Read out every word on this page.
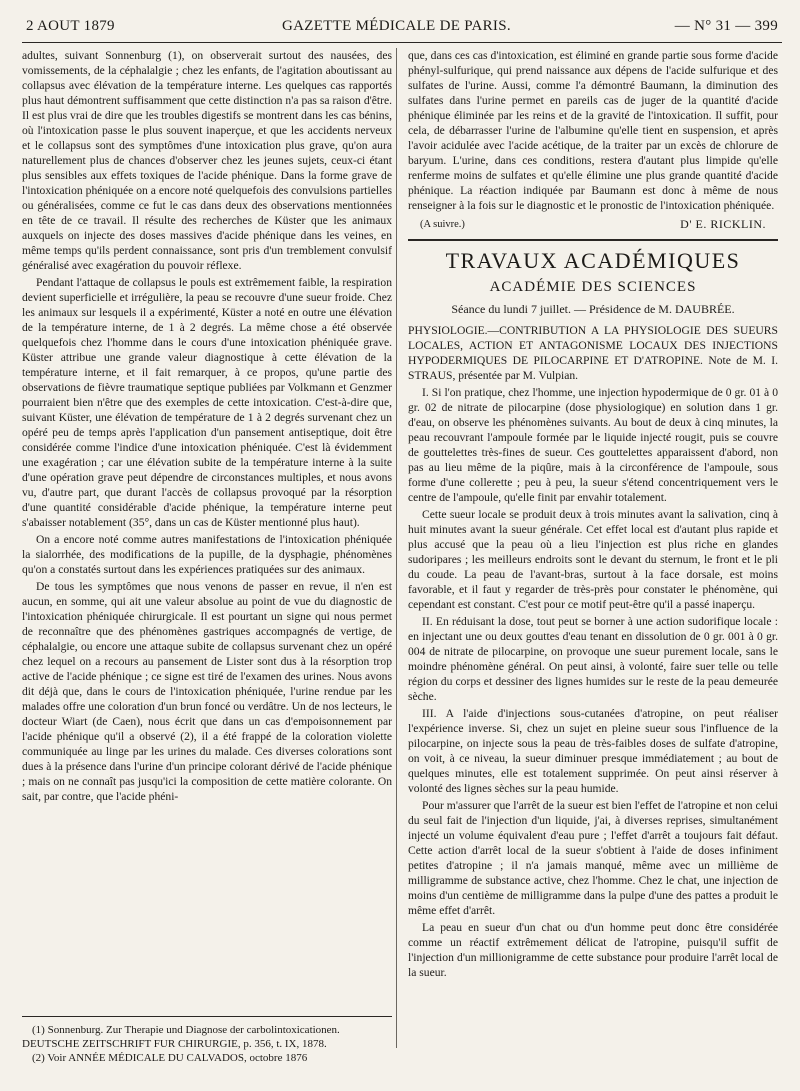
2 AOUT 1879	GAZETTE MÉDICALE DE PARIS.	— N° 31 — 399

adultes, suivant Sonnenburg (1), on observerait surtout des nausées, des vomissements, de la céphalalgie ; chez les enfants, de l'agitation aboutissant au collapsus avec élévation de la température interne. Les quelques cas rapportés plus haut démontrent suffisamment que cette distinction n'a pas sa raison d'être. Il est plus vrai de dire que les troubles digestifs se montrent dans les cas bénins, où l'intoxication passe le plus souvent inaperçue, et que les accidents nerveux et le collapsus sont des symptômes d'une intoxication plus grave, qu'on aura naturellement plus de chances d'observer chez les jeunes sujets, ceux-ci étant plus sensibles aux effets toxiques de l'acide phénique. Dans la forme grave de l'intoxication phéniquée on a encore noté quelquefois des convulsions partielles ou généralisées, comme ce fut le cas dans deux des observations mentionnées en tête de ce travail. Il résulte des recherches de Küster que les animaux auxquels on injecte des doses massives d'acide phénique dans les veines, en même temps qu'ils perdent connaissance, sont pris d'un tremblement convulsif généralisé avec exagération du pouvoir réflexe.

Pendant l'attaque de collapsus le pouls est extrêmement faible, la respiration devient superficielle et irrégulière, la peau se recouvre d'une sueur froide. Chez les animaux sur lesquels il a expérimenté, Küster a noté en outre une élévation de la température interne, de 1 à 2 degrés. La même chose a été observée quelquefois chez l'homme dans le cours d'une intoxication phéniquée grave. Küster attribue une grande valeur diagnostique à cette élévation de la température interne, et il fait remarquer, à ce propos, qu'une partie des observations de fièvre traumatique septique publiées par Volkmann et Genzmer pourraient bien n'être que des exemples de cette intoxication. C'est-à-dire que, suivant Küster, une élévation de température de 1 à 2 degrés survenant chez un opéré peu de temps après l'application d'un pansement antiseptique, doit être considérée comme l'indice d'une intoxication phéniquée. C'est là évidemment une exagération ; car une élévation subite de la température interne à la suite d'une opération grave peut dépendre de circonstances multiples, et nous avons vu, d'autre part, que durant l'accès de collapsus provoqué par la résorption d'une quantité considérable d'acide phénique, la température interne peut s'abaisser notablement (35°, dans un cas de Küster mentionné plus haut).

On a encore noté comme autres manifestations de l'intoxication phéniquée la sialorrhée, des modifications de la pupille, de la dysphagie, phénomènes qu'on a constatés surtout dans les expériences pratiquées sur des animaux.

De tous les symptômes que nous venons de passer en revue, il n'en est aucun, en somme, qui ait une valeur absolue au point de vue du diagnostic de l'intoxication phéniquée chirurgicale. Il est pourtant un signe qui nous permet de reconnaître que des phénomènes gastriques accompagnés de vertige, de céphalalgie, ou encore une attaque subite de collapsus survenant chez un opéré chez lequel on a recours au pansement de Lister sont dus à la résorption trop active de l'acide phénique ; ce signe est tiré de l'examen des urines. Nous avons dit déjà que, dans le cours de l'intoxication phéniquée, l'urine rendue par les malades offre une coloration d'un brun foncé ou verdâtre. Un de nos lecteurs, le docteur Wiart (de Caen), nous écrit que dans un cas d'empoisonnement par l'acide phénique qu'il a observé (2), il a été frappé de la coloration violette communiquée au linge par les urines du malade. Ces diverses colorations sont dues à la présence dans l'urine d'un principe colorant dérivé de l'acide phénique ; mais on ne connaît pas jusqu'ici la composition de cette matière colorante. On sait, par contre, que l'acide phéni-

(1) Sonnenburg. Zur Therapie und Diagnose der carbolintoxicationen. DEUTSCHE ZEITSCHRIFT FUR CHIRURGIE, p. 356, t. IX, 1878.

(2) Voir ANNÉE MÉDICALE DU CALVADOS, octobre 1876

que, dans ces cas d'intoxication, est éliminé en grande partie sous forme d'acide phényl-sulfurique, qui prend naissance aux dépens de l'acide sulfurique et des sulfates de l'urine. Aussi, comme l'a démontré Baumann, la diminution des sulfates dans l'urine permet en pareils cas de juger de la quantité d'acide phénique éliminée par les reins et de la gravité de l'intoxication. Il suffit, pour cela, de débarrasser l'urine de l'albumine qu'elle tient en suspension, et après l'avoir acidulée avec l'acide acétique, de la traiter par un excès de chlorure de baryum. L'urine, dans ces conditions, restera d'autant plus limpide qu'elle renferme moins de sulfates et qu'elle élimine une plus grande quantité d'acide phénique. La réaction indiquée par Baumann est donc à même de nous renseigner à la fois sur le diagnostic et le pronostic de l'intoxication phéniquée.

(A suivre.)	D' E. RICKLIN.
TRAVAUX ACADÉMIQUES
ACADÉMIE DES SCIENCES
Séance du lundi 7 juillet. — Présidence de M. DAUBRÉE.

PHYSIOLOGIE.—CONTRIBUTION A LA PHYSIOLOGIE DES SUEURS LOCALES, ACTION ET ANTAGONISME LOCAUX DES INJECTIONS HYPODERMIQUES DE PILOCARPINE ET D'ATROPINE. Note de M. I. STRAUS, présentée par M. Vulpian.

I. Si l'on pratique, chez l'homme, une injection hypodermique de 0 gr. 01 à 0 gr. 02 de nitrate de pilocarpine (dose physiologique) en solution dans 1 gr. d'eau, on observe les phénomènes suivants. Au bout de deux à cinq minutes, la peau recouvrant l'ampoule formée par le liquide injecté rougit, puis se couvre de gouttelettes très-fines de sueur. Ces gouttelettes apparaissent d'abord, non pas au lieu même de la piqûre, mais à la circonférence de l'ampoule, sous forme d'une collerette ; peu à peu, la sueur s'étend concentriquement vers le centre de l'ampoule, qu'elle finit par envahir totalement.

Cette sueur locale se produit deux à trois minutes avant la salivation, cinq à huit minutes avant la sueur générale. Cet effet local est d'autant plus rapide et plus accusé que la peau où a lieu l'injection est plus riche en glandes sudoripares ; les meilleurs endroits sont le devant du sternum, le front et le pli du coude. La peau de l'avant-bras, surtout à la face dorsale, est moins favorable, et il faut y regarder de très-près pour constater le phénomène, qui cependant est constant. C'est pour ce motif peut-être qu'il a passé inaperçu.

II. En réduisant la dose, tout peut se borner à une action sudorifique locale : en injectant une ou deux gouttes d'eau tenant en dissolution de 0 gr. 001 à 0 gr. 004 de nitrate de pilocarpine, on provoque une sueur purement locale, sans le moindre phénomène général. On peut ainsi, à volonté, faire suer telle ou telle région du corps et dessiner des lignes humides sur le reste de la peau demeurée sèche.

III. A l'aide d'injections sous-cutanées d'atropine, on peut réaliser l'expérience inverse. Si, chez un sujet en pleine sueur sous l'influence de la pilocarpine, on injecte sous la peau de très-faibles doses de sulfate d'atropine, on voit, à ce niveau, la sueur diminuer presque immédiatement ; au bout de quelques minutes, elle est totalement supprimée. On peut ainsi réserver à volonté des lignes sèches sur la peau humide.

Pour m'assurer que l'arrêt de la sueur est bien l'effet de l'atropine et non celui du seul fait de l'injection d'un liquide, j'ai, à diverses reprises, simultanément injecté un volume équivalent d'eau pure ; l'effet d'arrêt a toujours fait défaut. Cette action d'arrêt local de la sueur s'obtient à l'aide de doses infiniment petites d'atropine ; il n'a jamais manqué, même avec un millième de milligramme de substance active, chez l'homme. Chez le chat, une injection de moins d'un centième de milligramme dans la pulpe d'une des pattes a produit le même effet d'arrêt.

La peau en sueur d'un chat ou d'un homme peut donc être considérée comme un réactif extrêmement délicat de l'atropine, puisqu'il suffit de l'injection d'un millionigramme de cette substance pour produire l'arrêt local de la sueur.
